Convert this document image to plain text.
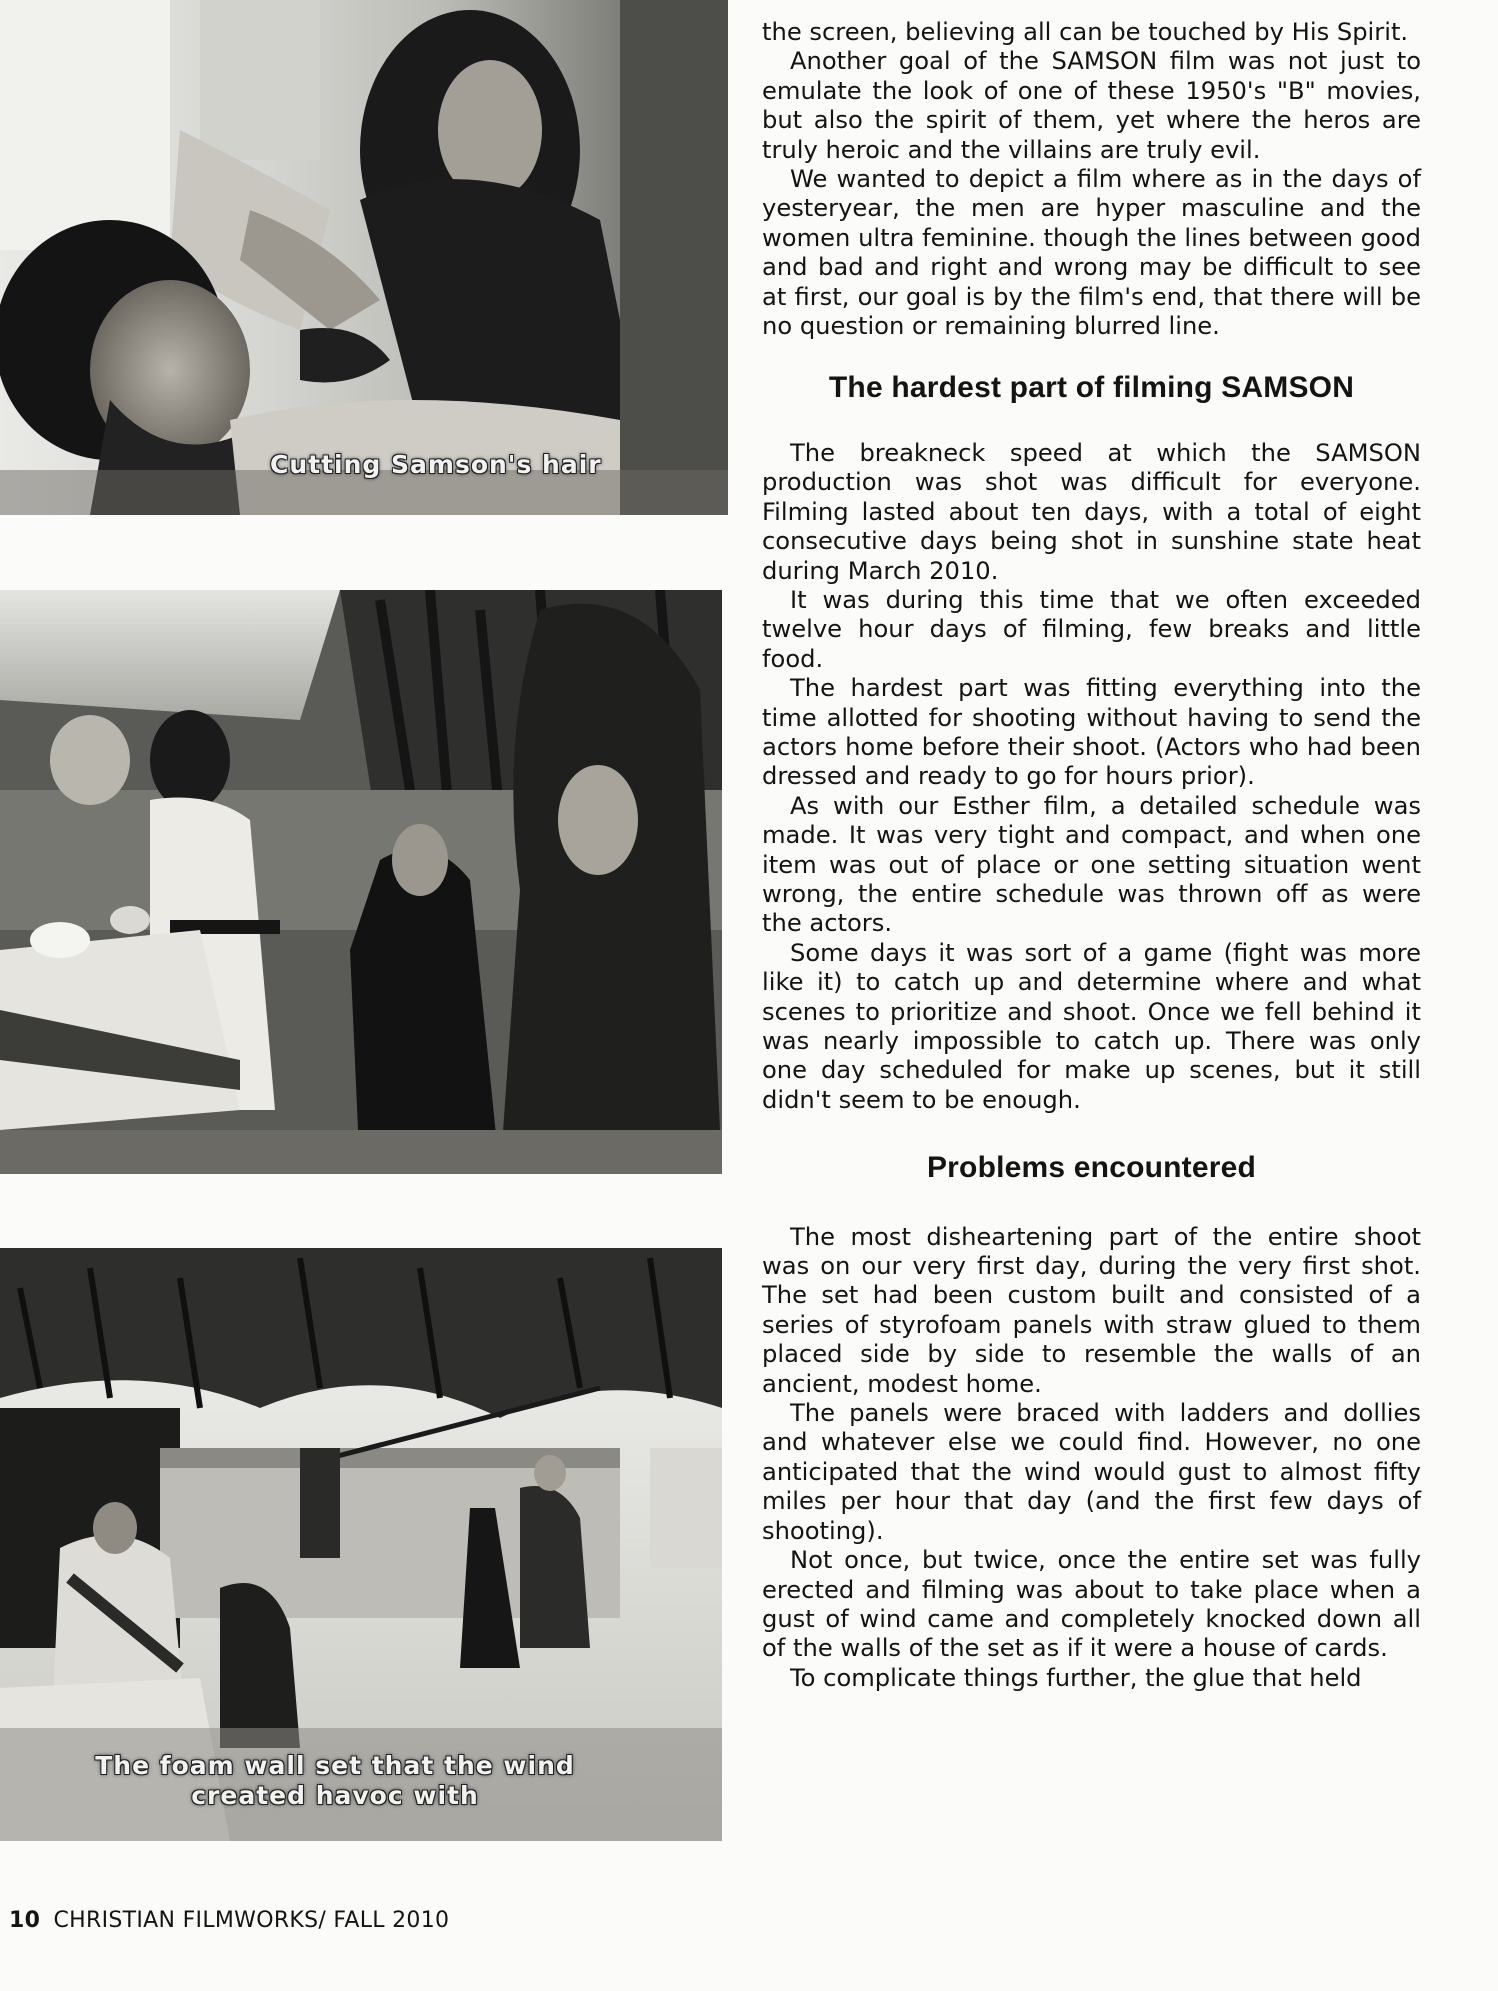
Cutting Samson's hair
The foam wall set that the wind
created havoc with

the screen, believing all can be touched by His Spirit.

Another goal of the SAMSON film was not just to emulate the look of one of these 1950's "B" movies, but also the spirit of them, yet where the heros are truly heroic and the villains are truly evil.

We wanted to depict a film where as in the days of yesteryear, the men are hyper masculine and the women ultra feminine. though the lines between good and bad and right and wrong may be difficult to see at first, our goal is by the film's end, that there will be no question or remaining blurred line.

The hardest part of filming SAMSON

The breakneck speed at which the SAMSON production was shot was difficult for everyone. Filming lasted about ten days, with a total of eight consecutive days being shot in sunshine state heat during March 2010.

It was during this time that we often exceeded twelve hour days of filming, few breaks and little food.

The hardest part was fitting everything into the time allotted for shooting without having to send the actors home before their shoot. (Actors who had been dressed and ready to go for hours prior).

As with our Esther film, a detailed schedule was made. It was very tight and compact, and when one item was out of place or one setting situation went wrong, the entire schedule was thrown off as were the actors.

Some days it was sort of a game (fight was more like it) to catch up and determine where and what scenes to prioritize and shoot. Once we fell behind it was nearly impossible to catch up. There was only one day scheduled for make up scenes, but it still didn't seem to be enough.

Problems encountered

The most disheartening part of the entire shoot was on our very first day, during the very first shot. The set had been custom built and consisted of a series of styrofoam panels with straw glued to them placed side by side to resemble the walls of an ancient, modest home.

The panels were braced with ladders and dollies and whatever else we could find. However, no one anticipated that the wind would gust to almost fifty miles per hour that day (and the first few days of shooting).

Not once, but twice, once the entire set was fully erected and filming was about to take place when a gust of wind came and completely knocked down all of the walls of the set as if it were a house of cards.

To complicate things further, the glue that held

10 CHRISTIAN FILMWORKS/ FALL 2010
